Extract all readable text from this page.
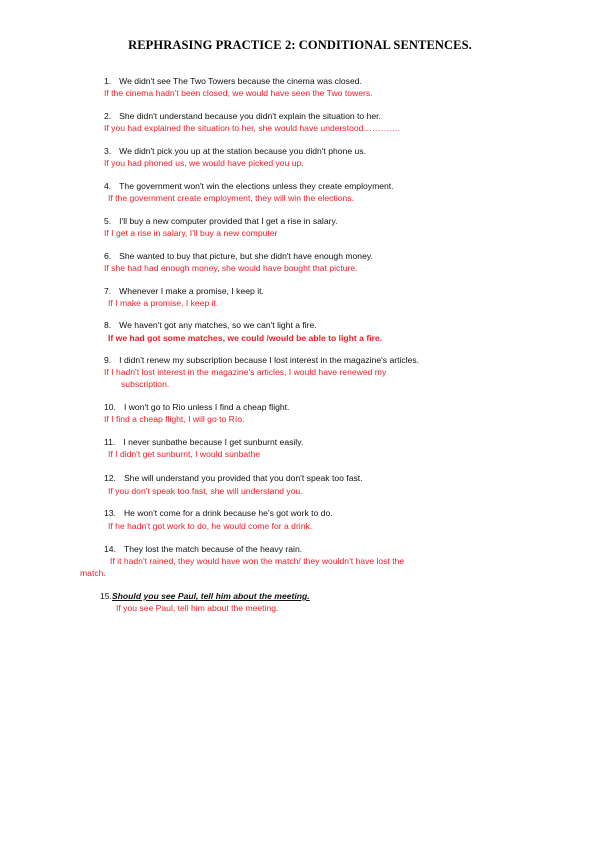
REPHRASING PRACTICE 2: CONDITIONAL SENTENCES.

1. We didn't see The Two Towers because the cinema was closed.

If the cinema hadn't been closed, we would have seen the Two towers.

2. She didn't understand because you didn't explain the situation to her.

If you had explained the situation to her, she would have understood………….

3. We didn't pick you up at the station because you didn't phone us.

If you had phoned us, we would have picked you up.

4. The government won't win the elections unless they create employment.

If the government create employment, they will win the elections.

5. I'll buy a new computer provided that I get a rise in salary.

If I get a rise in salary, I'll buy a new computer

6. She wanted to buy that picture, but she didn't have enough money.

If she had had enough money, she would have bought that picture.

7. Whenever I make a promise, I keep it.

If I make a promise, I keep it.

8. We haven't got any matches, so we can't light a fire.

If we had got some matches, we could /would be able to light a fire.

9. I didn't renew my subscription because I lost interest in the magazine's articles.

If I hadn't lost interest in the magazine's articles, I would have renewed my

subscription.

10. I won't go to Rio unless I find a cheap flight.

If I find a cheap flight, I will go to Río.

11. I never sunbathe because I get sunburnt easily.

If I didn't get sunburnt, I would sunbathe

12. She will understand you provided that you don't speak too fast.

If you don't speak too fast, she will understand you.

13. He won't come for a drink because he's got work to do.

If he hadn't got work to do, he would come for a drink.

14. They lost the match because of the heavy rain.

If it hadn't rained, they would have won the match/ they wouldn't have lost the

match.

15.Should you see Paul, tell him about the meeting.

If you see Paul, tell him about the meeting.
